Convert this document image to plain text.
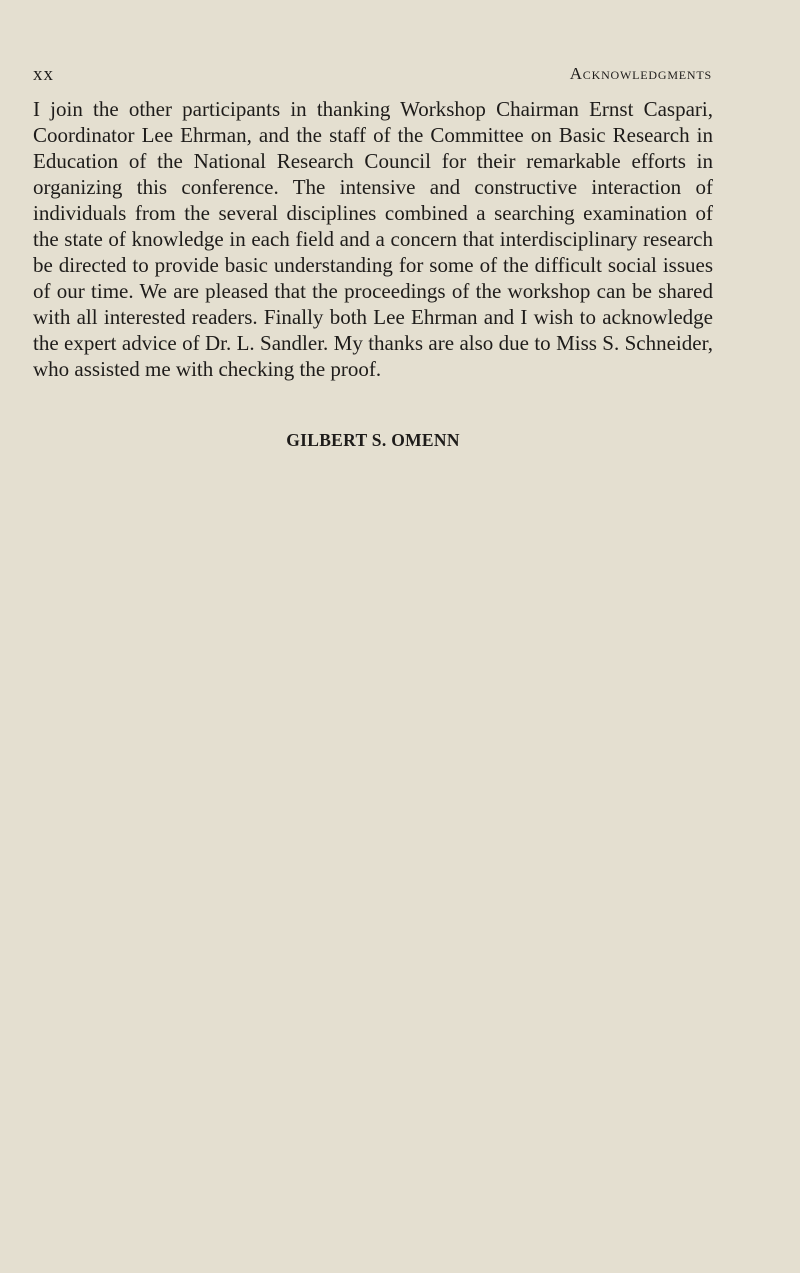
xx	Acknowledgments

I join the other participants in thanking Workshop Chairman Ernst Caspari, Coordinator Lee Ehrman, and the staff of the Committee on Basic Research in Education of the National Research Council for their remarkable efforts in organizing this conference. The intensive and constructive interaction of individuals from the several disciplines combined a searching examination of the state of knowledge in each field and a concern that interdisciplinary research be directed to provide basic understanding for some of the difficult social issues of our time. We are pleased that the proceedings of the workshop can be shared with all interested readers. Finally both Lee Ehrman and I wish to acknowledge the expert advice of Dr. L. Sandler. My thanks are also due to Miss S. Schneider, who assisted me with checking the proof.

GILBERT S. OMENN
